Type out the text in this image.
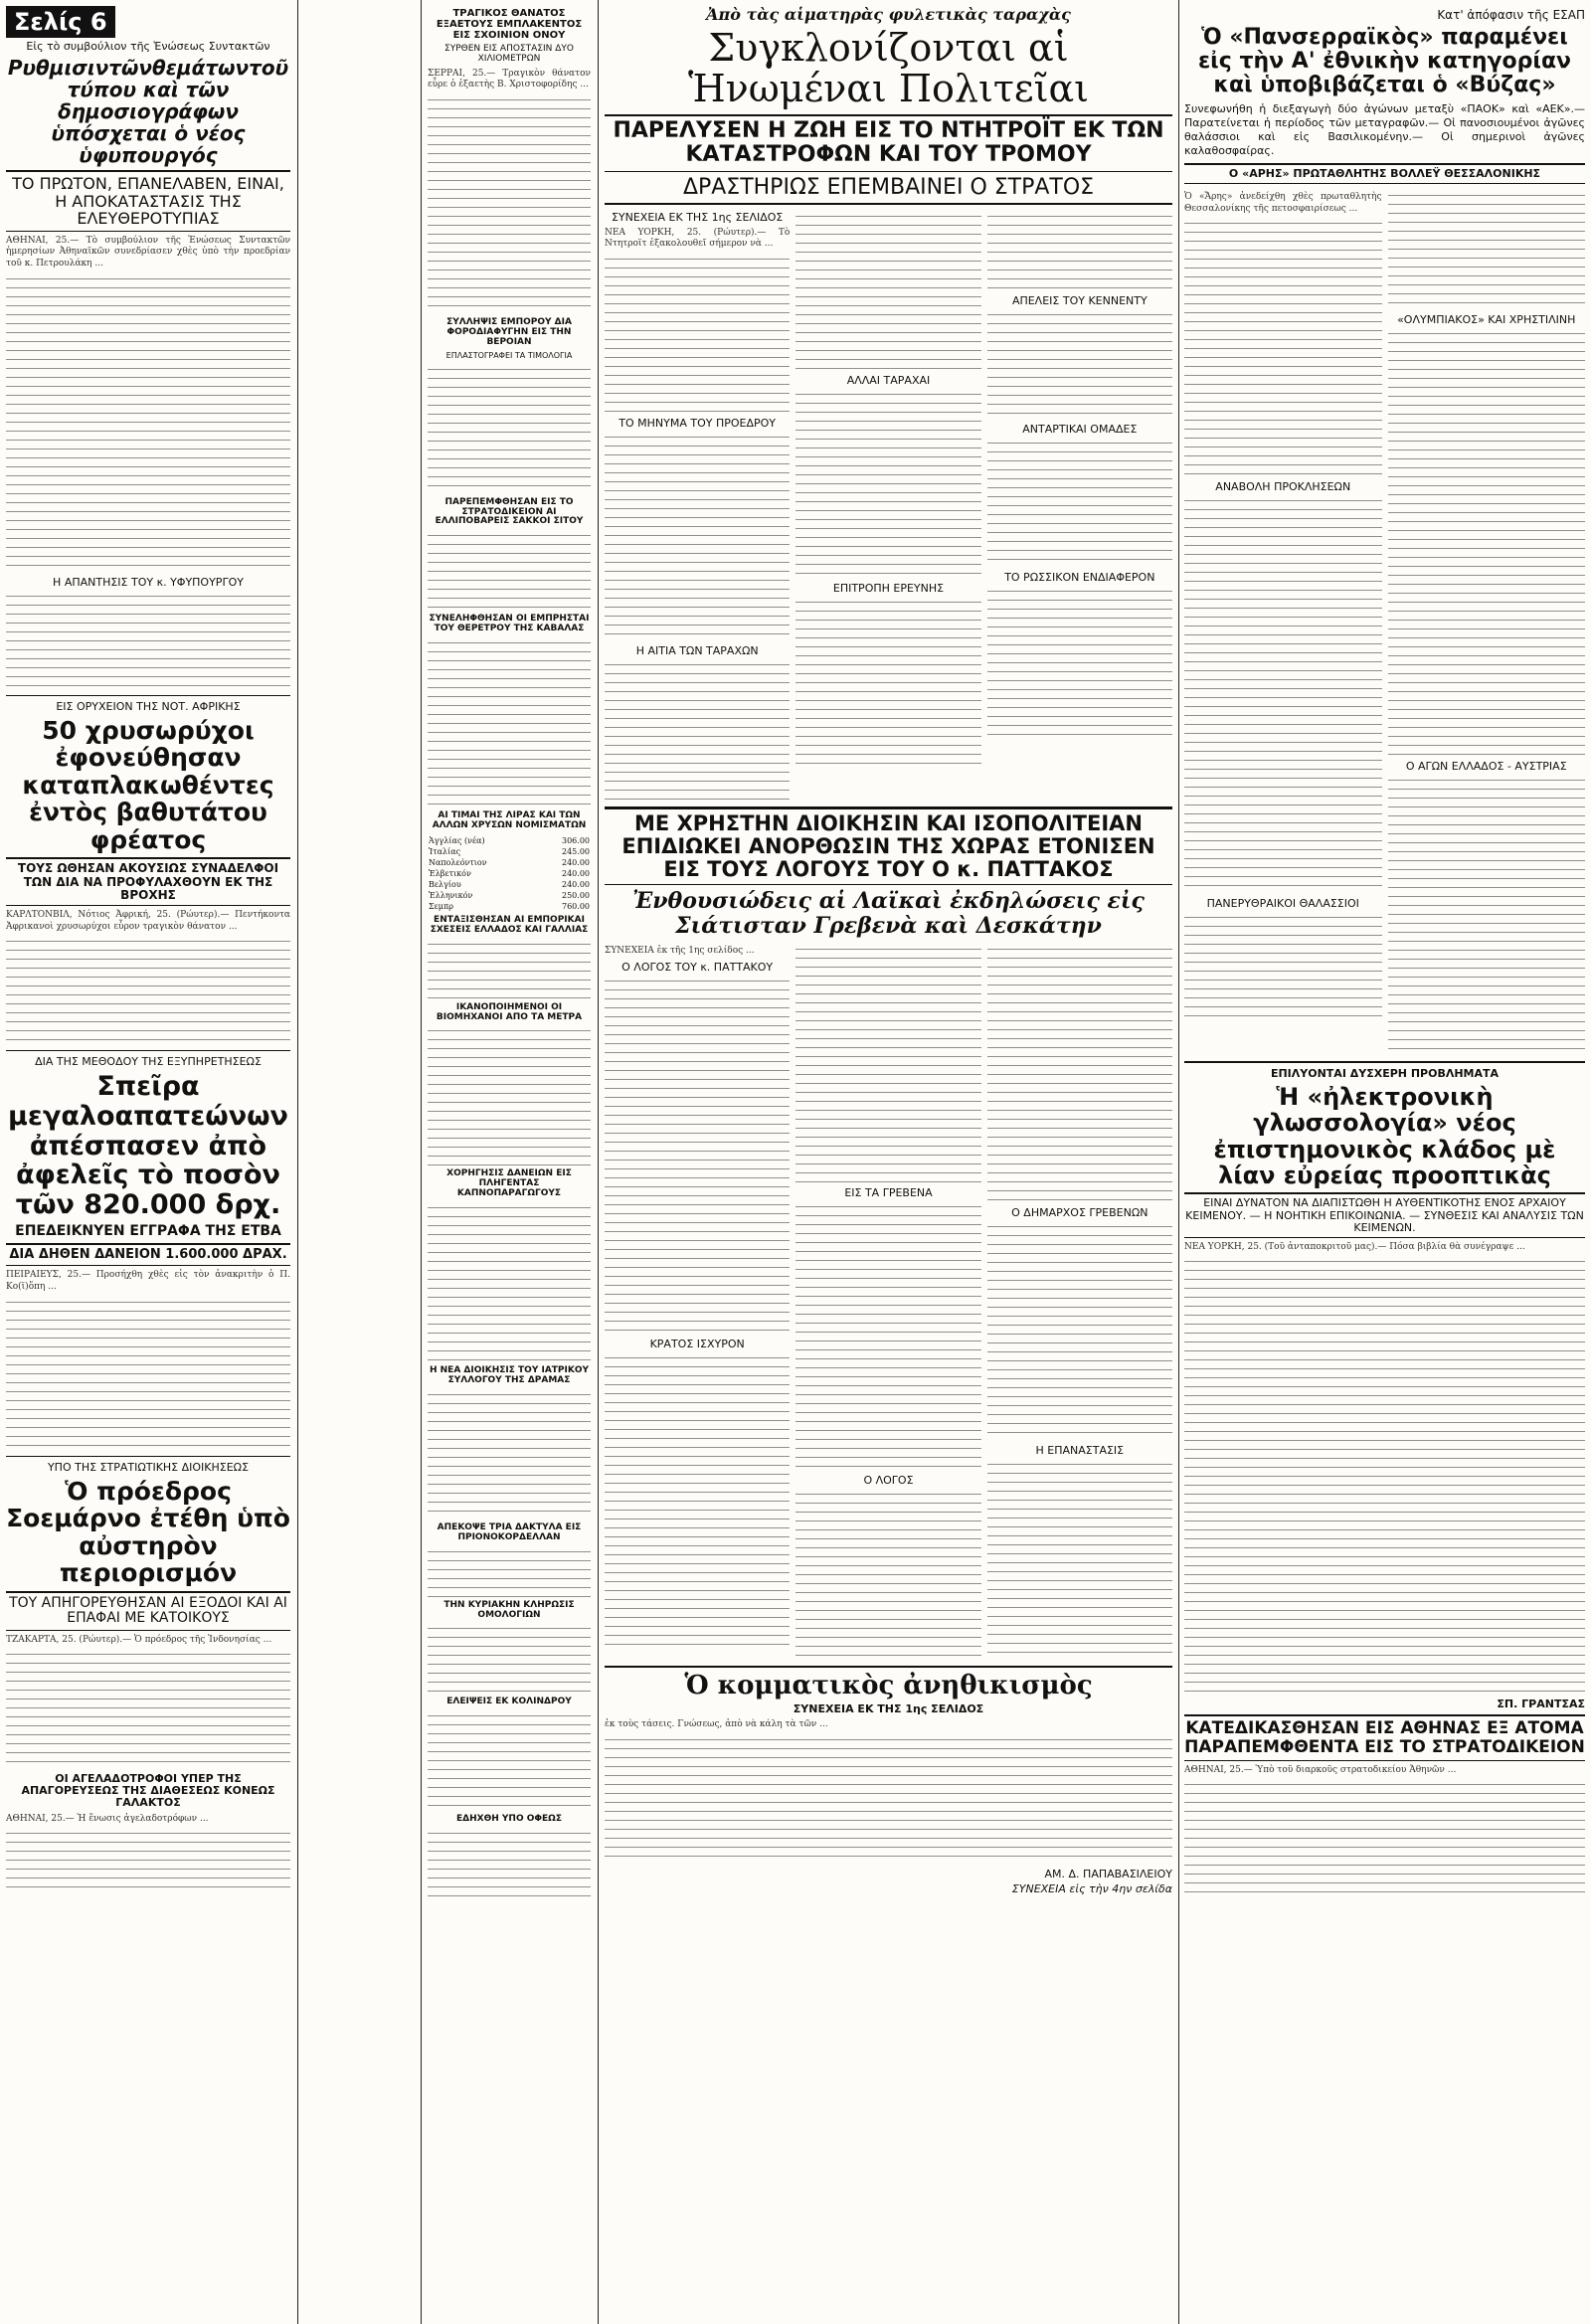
Σελίς 6
Εἰς τὸ συμβούλιον τῆς Ἑνώσεως Συντακτῶν
Ρυθμισιντῶνθεμάτωντοῦ τύπου καὶ τῶν δημοσιογράφων ὑπόσχεται ὁ νέος ὑφυπουργός
ΤΟ ΠΡΩΤΟΝ, ΕΠΑΝΕΛΑΒΕΝ, ΕΙΝΑΙ, Η ΑΠΟΚΑΤΑΣΤΑΣΙΣ ΤΗΣ ΕΛΕΥΘΕΡΟΤΥΠΙΑΣ
ΑΘΗΝΑΙ, 25.— Τὸ συμβούλιον τῆς Ἑνώσεως Συντακτῶν ἡμερησίων Ἀθηναϊκῶν συνεδρίασεν χθὲς ὑπὸ τὴν προεδρίαν τοῦ κ. Πετρουλάκη ...
Η ΑΠΑΝΤΗΣΙΣ ΤΟΥ κ. ΥΦΥΠΟΥΡΓΟΥ
ΕΙΣ ΟΡΥΧΕΙΟΝ ΤΗΣ ΝΟΤ. ΑΦΡΙΚΗΣ
50 χρυσωρύχοι ἐφονεύθησαν καταπλακωθέντες ἐντὸς βαθυτάτου φρέατος
ΤΟΥΣ ΩΘΗΣΑΝ ΑΚΟΥΣΙΩΣ ΣΥΝΑΔΕΛΦΟΙ ΤΩΝ ΔΙΑ ΝΑ ΠΡΟΦΥΛΑΧΘΟΥΝ ΕΚ ΤΗΣ ΒΡΟΧΗΣ
ΚΑΡΛΤΟΝΒΙΛ, Νότιος Ἀφρική, 25. (Ρώυτερ).— Πεντήκοντα Ἀφρικανοὶ χρυσωρύχοι εὗρον τραγικὸν θάνατον ...
ΔΙΑ ΤΗΣ ΜΕΘΟΔΟΥ ΤΗΣ ΕΞΥΠΗΡΕΤΗΣΕΩΣ
Σπεῖρα μεγαλοαπατεώνων ἀπέσπασεν ἀπὸ ἀφελεῖς τὸ ποσὸν τῶν 820.000 δρχ.
ΕΠΕΔΕΙΚΝΥΕΝ ΕΓΓΡΑΦΑ ΤΗΣ ΕΤΒΑ
ΔΙΑ ΔΗΘΕΝ ΔΑΝΕΙΟΝ 1.600.000 ΔΡΑΧ.
ΠΕΙΡΑΙΕΥΣ, 25.— Προσήχθη χθὲς εἰς τὸν ἀνακριτὴν ὁ Π. Κο(ϊ)ὅπη ...
ΥΠΟ ΤΗΣ ΣΤΡΑΤΙΩΤΙΚΗΣ ΔΙΟΙΚΗΣΕΩΣ
Ὁ πρόεδρος Σοεμάρνο ἐτέθη ὑπὸ αὐστηρὸν περιορισμόν
ΤΟΥ ΑΠΗΓΟΡΕΥΘΗΣΑΝ ΑΙ ΕΞΟΔΟΙ ΚΑΙ ΑΙ ΕΠΑΦΑΙ ΜΕ ΚΑΤΟΙΚΟΥΣ
ΤΖΑΚΑΡΤΑ, 25. (Ρώυτερ).— Ὁ πρόεδρος τῆς Ἰνδονησίας ...
ΟΙ ΑΓΕΛΑΔΟΤΡΟΦΟΙ ΥΠΕΡ ΤΗΣ ΑΠΑΓΟΡΕΥΣΕΩΣ ΤΗΣ ΔΙΑΘΕΣΕΩΣ ΚΟΝΕΩΣ ΓΑΛΑΚΤΟΣ
ΑΘΗΝΑΙ, 25.— Ἡ ἕνωσις ἀγελαδοτρόφων ...
ΤΡΑΓΙΚΟΣ ΘΑΝΑΤΟΣ ΕΞΑΕΤΟΥΣ ΕΜΠΛΑΚΕΝΤΟΣ ΕΙΣ ΣΧΟΙΝΙΟΝ ΟΝΟΥ
ΣΥΡΘΕΝ ΕΙΣ ΑΠΟΣΤΑΣΙΝ ΔΥΟ ΧΙΛΙΟΜΕΤΡΩΝ
ΣΕΡΡΑΙ, 25.— Τραγικὸν θάνατον εὗρε ὁ ἑξαετὴς Β. Χριστοφορίδης ...
ΣΥΛΛΗΨΙΣ ΕΜΠΟΡΟΥ ΔΙΑ ΦΟΡΟΔΙΑΦΥΓΗΝ ΕΙΣ ΤΗΝ ΒΕΡΟΙΑΝ
ΕΠΛΑΣΤΟΓΡΑΦΕΙ ΤΑ ΤΙΜΟΛΟΓΙΑ
ΠΑΡΕΠΕΜΦΘΗΣΑΝ ΕΙΣ ΤΟ ΣΤΡΑΤΟΔΙΚΕΙΟΝ ΑΙ ΕΛΛΙΠΟΒΑΡΕΙΣ ΣΑΚΚΟΙ ΣΙΤΟΥ
ΣΥΝΕΛΗΦΘΗΣΑΝ ΟΙ ΕΜΠΡΗΣΤΑΙ ΤΟΥ ΘΕΡΕΤΡΟΥ ΤΗΣ ΚΑΒΑΛΑΣ
ΑΙ ΤΙΜΑΙ ΤΗΣ ΛΙΡΑΣ ΚΑΙ ΤΩΝ ΑΛΛΩΝ ΧΡΥΣΩΝ ΝΟΜΙΣΜΑΤΩΝ
Ἀγγλίας (νέα)	306.00
Ἰταλίας	245.00
Ναπολεόντιον	240.00
Ἑλβετικόν	240.00
Βελγίου	240.00
Ἑλληνικόν	250.00
Σεμπρ	760.00
ΕΝΤΑΞΙΣΘΗΣΑΝ ΑΙ ΕΜΠΟΡΙΚΑΙ ΣΧΕΣΕΙΣ ΕΛΛΑΔΟΣ ΚΑΙ ΓΑΛΛΙΑΣ
ΙΚΑΝΟΠΟΙΗΜΕΝΟΙ ΟΙ ΒΙΟΜΗΧΑΝΟΙ ΑΠΟ ΤΑ ΜΕΤΡΑ
ΧΟΡΗΓΗΣΙΣ ΔΑΝΕΙΩΝ ΕΙΣ ΠΛΗΓΕΝΤΑΣ ΚΑΠΝΟΠΑΡΑΓΩΓΟΥΣ
Η ΝΕΑ ΔΙΟΙΚΗΣΙΣ ΤΟΥ ΙΑΤΡΙΚΟΥ ΣΥΛΛΟΓΟΥ ΤΗΣ ΔΡΑΜΑΣ
ΑΠΕΚΟΨΕ ΤΡΙΑ ΔΑΚΤΥΛΑ ΕΙΣ ΠΡΙΟΝΟΚΟΡΔΕΛΛΑΝ
ΤΗΝ ΚΥΡΙΑΚΗΝ ΚΛΗΡΩΣΙΣ ΟΜΟΛΟΓΙΩΝ
ΕΛΕΙΨΕΙΣ ΕΚ ΚΟΛΙΝΔΡΟΥ
ΕΔΗΧΘΗ ΥΠΟ ΟΦΕΩΣ
Ἀπὸ τὰς αἱματηρὰς φυλετικὰς ταραχὰς
Συγκλονίζονται αἱ Ἡνωμέναι Πολιτεῖαι
ΠΑΡΕΛΥΣΕΝ Η ΖΩΗ ΕΙΣ ΤΟ ΝΤΗΤΡΟΪΤ ΕΚ ΤΩΝ ΚΑΤΑΣΤΡΟΦΩΝ ΚΑΙ ΤΟΥ ΤΡΟΜΟΥ
ΔΡΑΣΤΗΡΙΩΣ ΕΠΕΜΒΑΙΝΕΙ Ο ΣΤΡΑΤΟΣ
ΣΥΝΕΧΕΙΑ ΕΚ ΤΗΣ 1ης ΣΕΛΙΔΟΣ
ΝΕΑ ΥΟΡΚΗ, 25. (Ρώυτερ).— Τὸ Ντητροϊτ ἐξακολουθεῖ σήμερον νὰ ...
ΤΟ ΜΗΝΥΜΑ ΤΟΥ ΠΡΟΕΔΡΟΥ
Η ΑΙΤΙΑ ΤΩΝ ΤΑΡΑΧΩΝ
ΑΛΛΑΙ ΤΑΡΑΧΑΙ
ΕΠΙΤΡΟΠΗ ΕΡΕΥΝΗΣ
ΑΠΕΛΕΙΣ ΤΟΥ ΚΕΝΝΕΝΤΥ
ΑΝΤΑΡΤΙΚΑΙ ΟΜΑΔΕΣ
ΤΟ ΡΩΣΣΙΚΟΝ ΕΝΔΙΑΦΕΡΟΝ
ΜΕ ΧΡΗΣΤΗΝ ΔΙΟΙΚΗΣΙΝ ΚΑΙ ΙΣΟΠΟΛΙΤΕΙΑΝ ΕΠΙΔΙΩΚΕΙ ΑΝΟΡΘΩΣΙΝ ΤΗΣ ΧΩΡΑΣ ΕΤΟΝΙΣΕΝ ΕΙΣ ΤΟΥΣ ΛΟΓΟΥΣ ΤΟΥ Ο κ. ΠΑΤΤΑΚΟΣ
Ἐνθουσιώδεις αἱ Λαϊκαὶ ἐκδηλώσεις εἰς Σιάτισταν Γρεβενὰ καὶ Δεσκάτην
ΣΥΝΕΧΕΙΑ ἐκ τῆς 1ης σελίδος ...
Ο ΛΟΓΟΣ ΤΟΥ κ. ΠΑΤΤΑΚΟΥ
ΚΡΑΤΟΣ ΙΣΧΥΡΟΝ
ΕΙΣ ΤΑ ΓΡΕΒΕΝΑ
Ο ΛΟΓΟΣ
Ο ΔΗΜΑΡΧΟΣ ΓΡΕΒΕΝΩΝ
Η ΕΠΑΝΑΣΤΑΣΙΣ
Ὁ κομματικὸς ἀνηθικισμὸς
ΣΥΝΕΧΕΙΑ ΕΚ ΤΗΣ 1ης ΣΕΛΙΔΟΣ
ἐκ τοὺς τάσεις. Γνώσεως, ἀπὸ νὰ κάλη τὰ τῶν ...
ΑΜ. Δ. ΠΑΠΑΒΑΣΙΛΕΙΟΥ
ΣΥΝΕΧΕΙΑ εἰς τὴν 4ην σελίδα
Κατ' ἀπόφασιν τῆς ΕΣΑΠ
Ὁ «Πανσερραϊκὸς» παραμένει εἰς τὴν Α' ἐθνικὴν κατηγορίαν καὶ ὑποβιβάζεται ὁ «Βύζας»
Συνεφωνήθη ἡ διεξαγωγὴ δύο ἀγώνων μεταξὺ «ΠΑΟΚ» καὶ «ΑΕΚ».— Παρατείνεται ἡ περίοδος τῶν μεταγραφῶν.— Οἱ πανοσιουμένοι ἀγῶνες θαλάσσιοι καὶ εἰς Βασιλικομένην.— Οἱ σημερινοὶ ἀγῶνες καλαθοσφαίρας.
Ο «ΑΡΗΣ» ΠΡΩΤΑΘΛΗΤΗΣ ΒΟΛΛΕΫ ΘΕΣΣΑΛΟΝΙΚΗΣ
Ὁ «Ἄρης» ἀνεδείχθη χθὲς πρωταθλητὴς Θεσσαλονίκης τῆς πετοσφαιρίσεως ...
ΑΝΑΒΟΛΗ ΠΡΟΚΛΗΣΕΩΝ
ΠΑΝΕΡΥΘΡΑΙΚΟΙ ΘΑΛΑΣΣΙΟΙ
«ΟΛΥΜΠΙΑΚΟΣ» ΚΑΙ ΧΡΗΣΤΙΛΙΝΗ
Ο ΑΓΩΝ ΕΛΛΑΔΟΣ - ΑΥΣΤΡΙΑΣ
ΕΠΙΛΥΟΝΤΑΙ ΔΥΣΧΕΡΗ ΠΡΟΒΛΗΜΑΤΑ
Ἡ «ἠλεκτρονικὴ γλωσσολογία» νέος ἐπιστημονικὸς κλάδος μὲ λίαν εὐρείας προοπτικὰς
ΕΙΝΑΙ ΔΥΝΑΤΟΝ ΝΑ ΔΙΑΠΙΣΤΩΘΗ Η ΑΥΘΕΝΤΙΚΟΤΗΣ ΕΝΟΣ ΑΡΧΑΙΟΥ ΚΕΙΜΕΝΟΥ. — Η ΝΟΗΤΙΚΗ ΕΠΙΚΟΙΝΩΝΙΑ. — ΣΥΝΘΕΣΙΣ ΚΑΙ ΑΝΑΛΥΣΙΣ ΤΩΝ ΚΕΙΜΕΝΩΝ.
ΝΕΑ ΥΟΡΚΗ, 25. (Τοῦ ἀνταποκριτοῦ μας).— Πόσα βιβλία θὰ συνέγραψε ...
ΣΠ. ΓΡΑΝΤΣΑΣ
ΚΑΤΕΔΙΚΑΣΘΗΣΑΝ ΕΙΣ ΑΘΗΝΑΣ ΕΞ ΑΤΟΜΑ ΠΑΡΑΠΕΜΦΘΕΝΤΑ ΕΙΣ ΤΟ ΣΤΡΑΤΟΔΙΚΕΙΟΝ
ΑΘΗΝΑΙ, 25.— Ὑπὸ τοῦ διαρκοῦς στρατοδικείου Ἀθηνῶν ...
